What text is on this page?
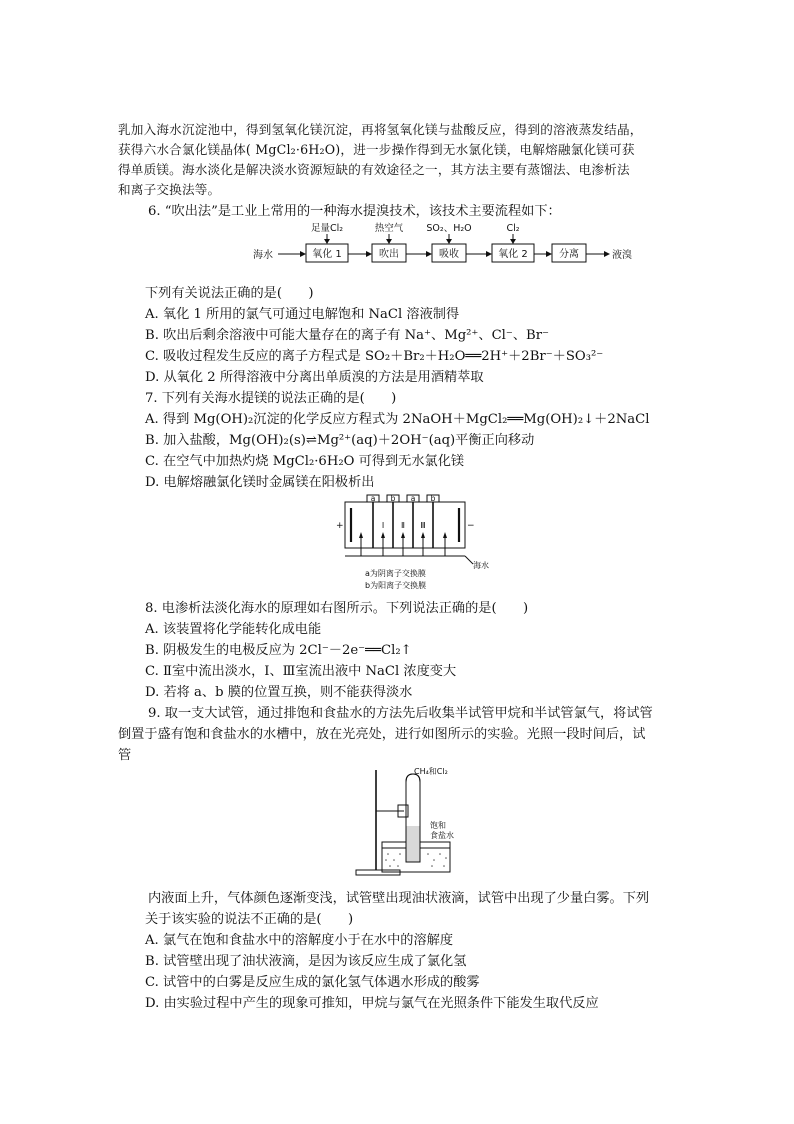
乳加入海水沉淀池中，得到氢氧化镁沉淀，再将氢氧化镁与盐酸反应，得到的溶液蒸发结晶，
获得六水合氯化镁晶体( MgCl₂·6H₂O)，进一步操作得到无水氯化镁，电解熔融氯化镁可获
得单质镁。海水淡化是解决淡水资源短缺的有效途径之一，其方法主要有蒸馏法、电渗析法
和离子交换法等。
6. “吹出法”是工业上常用的一种海水提溴技术，该技术主要流程如下：
海水	氧化 1	吹出	吸收	氧化 2	分离	液溴
足量Cl₂	热空气 SO₂、H₂O	Cl₂
下列有关说法正确的是(　　)
A. 氧化 1 所用的氯气可通过电解饱和 NaCl 溶液制得
B. 吹出后剩余溶液中可能大量存在的离子有 Na⁺、Mg²⁺、Cl⁻、Br⁻
C. 吸收过程发生反应的离子方程式是 SO₂＋Br₂＋H₂O══2H⁺＋2Br⁻＋SO₃²⁻
D. 从氧化 2 所得溶液中分离出单质溴的方法是用酒精萃取
7. 下列有关海水提镁的说法正确的是(　　)
A. 得到 Mg(OH)₂沉淀的化学反应方程式为 2NaOH＋MgCl₂══Mg(OH)₂↓＋2NaCl
B. 加入盐酸，Mg(OH)₂(s)⇌Mg²⁺(aq)＋2OH⁻(aq)平衡正向移动
C. 在空气中加热灼烧 MgCl₂·6H₂O 可得到无水氯化镁
D. 电解熔融氯化镁时金属镁在阳极析出
a b a b
Ⅰ Ⅱ Ⅲ
+	−
海水
a为阴离子交换膜
b为阳离子交换膜
8. 电渗析法淡化海水的原理如右图所示。下列说法正确的是(　　)
A. 该装置将化学能转化成电能
B. 阴极发生的电极反应为 2Cl⁻－2e⁻══Cl₂↑
C. Ⅱ室中流出淡水，Ⅰ、Ⅲ室流出液中 NaCl 浓度变大
D. 若将 a、b 膜的位置互换，则不能获得淡水
9. 取一支大试管，通过排饱和食盐水的方法先后收集半试管甲烷和半试管氯气，将试管
倒置于盛有饱和食盐水的水槽中，放在光亮处，进行如图所示的实验。光照一段时间后，试
管
CH₄和Cl₂
饱和
食盐水
内液面上升，气体颜色逐渐变浅，试管壁出现油状液滴，试管中出现了少量白雾。下列
关于该实验的说法不正确的是(　　)
A. 氯气在饱和食盐水中的溶解度小于在水中的溶解度
B. 试管壁出现了油状液滴，是因为该反应生成了氯化氢
C. 试管中的白雾是反应生成的氯化氢气体遇水形成的酸雾
D. 由实验过程中产生的现象可推知，甲烷与氯气在光照条件下能发生取代反应
